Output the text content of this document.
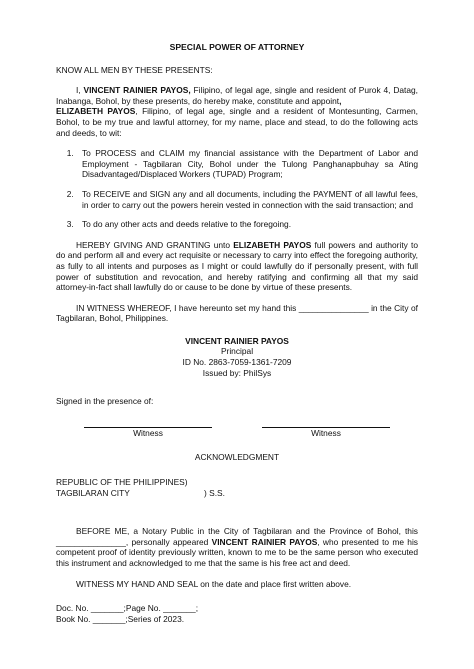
SPECIAL POWER OF ATTORNEY
KNOW ALL MEN BY THESE PRESENTS:
I, VINCENT RAINIER PAYOS, Filipino, of legal age, single and resident of Purok 4, Datag, Inabanga, Bohol, by these presents, do hereby make, constitute and appoint,
ELIZABETH PAYOS, Filipino, of legal age, single and a resident of Montesunting, Carmen, Bohol, to be my true and lawful attorney, for my name, place and stead, to do the following acts and deeds, to wit:
1. To PROCESS and CLAIM my financial assistance with the Department of Labor and Employment - Tagbilaran City, Bohol under the Tulong Panghanapbuhay sa Ating Disadvantaged/Displaced Workers (TUPAD) Program;
2. To RECEIVE and SIGN any and all documents, including the PAYMENT of all lawful fees, in order to carry out the powers herein vested in connection with the said transaction; and
3. To do any other acts and deeds relative to the foregoing.
HEREBY GIVING AND GRANTING unto ELIZABETH PAYOS full powers and authority to do and perform all and every act requisite or necessary to carry into effect the foregoing authority, as fully to all intents and purposes as I might or could lawfully do if personally present, with full power of substitution and revocation, and hereby ratifying and confirming all that my said attorney-in-fact shall lawfully do or cause to be done by virtue of these presents.
IN WITNESS WHEREOF, I have hereunto set my hand this _______________ in the City of Tagbilaran, Bohol, Philippines.
VINCENT RAINIER PAYOS
Principal
ID No. 2863-7059-1361-7209
Issued by: PhilSys
Signed in the presence of:
Witness	Witness
ACKNOWLEDGMENT
REPUBLIC OF THE PHILIPPINES)
TAGBILARAN CITY	) S.S.
BEFORE ME, a Notary Public in the City of Tagbilaran and the Province of Bohol, this _______________, personally appeared VINCENT RAINIER PAYOS, who presented to me his competent proof of identity previously written, known to me to be the same person who executed this instrument and acknowledged to me that the same is his free act and deed.
WITNESS MY HAND AND SEAL on the date and place first written above.
Doc. No. _______;Page No. _______;
Book No. _______;Series of 2023.
